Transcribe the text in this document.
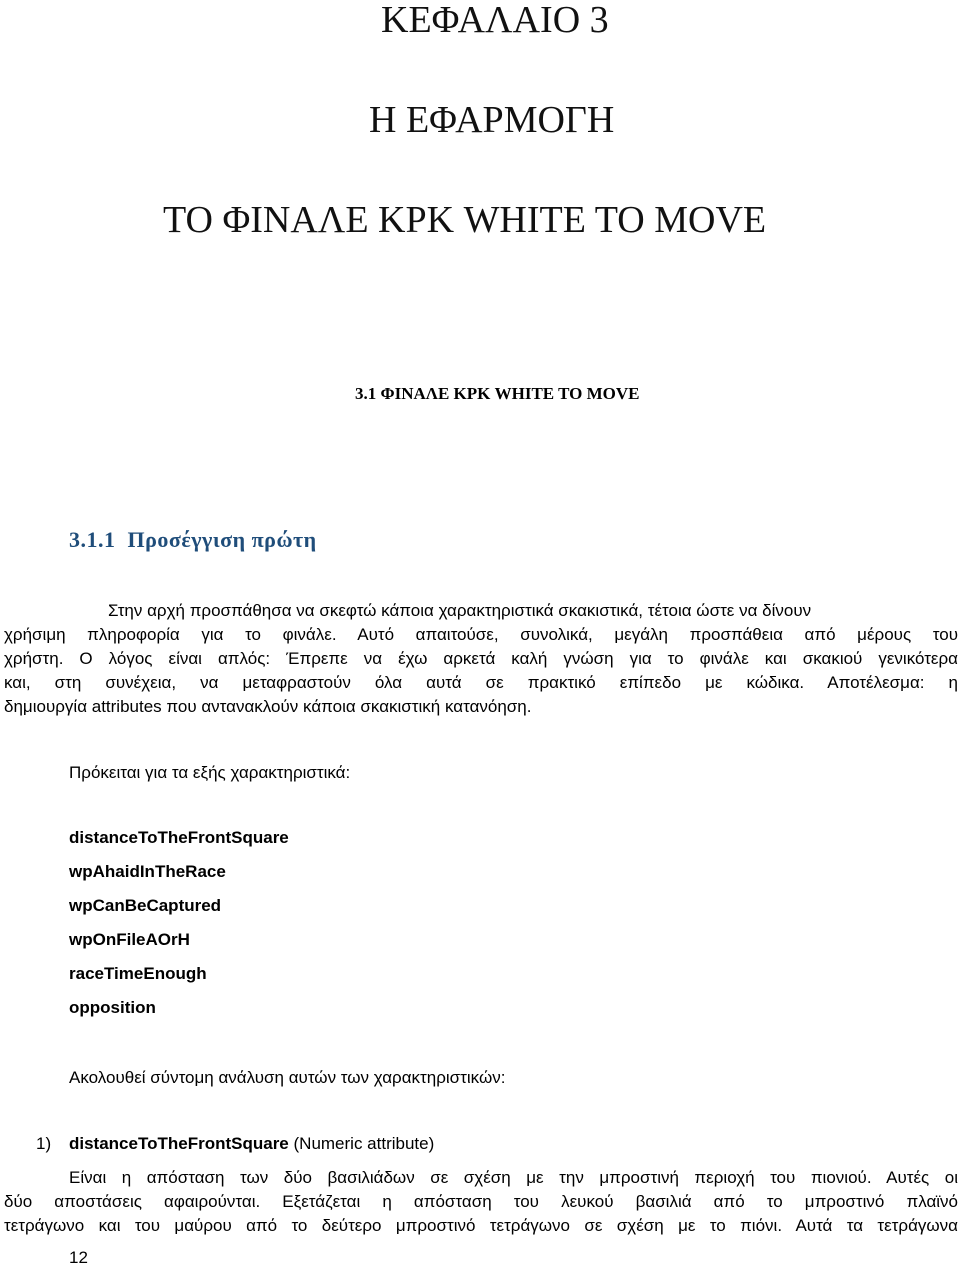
ΚΕΦΑΛΑΙΟ 3
Η ΕΦΑΡΜΟΓΗ
ΤΟ ΦΙΝΑΛΕ ΚΡΚ WHITE TO MOVE
3.1 ΦΙΝΑΛΕ ΚΡΚ WHITE TO MOVE
3.1.1 Προσέγγιση πρώτη
Στην αρχή προσπάθησα να σκεφτώ κάποια χαρακτηριστικά σκακιστικά, τέτοια ώστε να δίνουν
χρήσιμη πληροφορία για το φινάλε. Αυτό απαιτούσε, συνολικά, μεγάλη προσπάθεια από μέρους του
χρήστη. Ο λόγος είναι απλός: Έπρεπε να έχω αρκετά καλή γνώση για το φινάλε και σκακιού γενικότερα
και, στη συνέχεια, να μεταφραστούν όλα αυτά σε πρακτικό επίπεδο με κώδικα. Αποτέλεσμα: η
δημιουργία attributes που αντανακλούν κάποια σκακιστική κατανόηση.
Πρόκειται για τα εξής χαρακτηριστικά:
distanceToTheFrontSquare
wpAhaidInTheRace
wpCanBeCaptured
wpOnFileAOrH
raceTimeEnough
opposition
Ακολουθεί σύντομη ανάλυση αυτών των χαρακτηριστικών:
1) distanceToTheFrontSquare (Numeric attribute)
Είναι η απόσταση των δύο βασιλιάδων σε σχέση με την μπροστινή περιοχή του πιονιού. Αυτές οι
δύο αποστάσεις αφαιρούνται. Εξετάζεται η απόσταση του λευκού βασιλιά από το μπροστινό πλαϊνό
τετράγωνο και του μαύρου από το δεύτερο μπροστινό τετράγωνο σε σχέση με το πιόνι. Αυτά τα τετράγωνα
12
